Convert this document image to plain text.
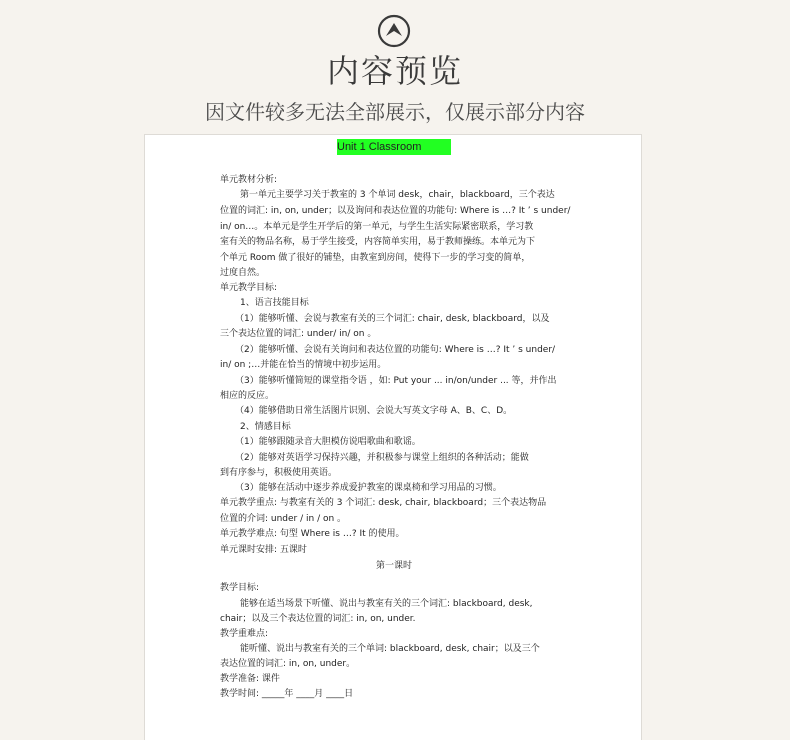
内容预览
因文件较多无法全部展示，仅展示部分内容
Unit 1 Classroom
单元教材分析:
第一单元主要学习关于教室的 3 个单词 desk，chair，blackboard，三个表达
位置的词汇: in, on, under；以及询问和表达位置的功能句: Where is …? It ’ s under/
in/ on…。本单元是学生开学后的第一单元，与学生生活实际紧密联系，学习教
室有关的物品名称，易于学生接受，内容简单实用，易于教师操练。本单元为下
个单元 Room 做了很好的铺垫，由教室到房间，使得下一步的学习变的简单，
过度自然。
单元教学目标:
1、语言技能目标
（1）能够听懂、会说与教室有关的三个词汇: chair, desk, blackboard，以及
三个表达位置的词汇: under/ in/ on 。
（2）能够听懂、会说有关询问和表达位置的功能句: Where is …? It ’ s under/
in/ on ;…并能在恰当的情境中初步运用。
（3）能够听懂简短的课堂指令语 ，如: Put your ... in/on/under ... 等，并作出
相应的反应。
（4）能够借助日常生活图片识别、会说大写英文字母 A、B、C、D。
2、情感目标
（1）能够跟随录音大胆模仿说唱歌曲和歌谣。
（2）能够对英语学习保持兴趣，并积极参与课堂上组织的各种活动；能做
到有序参与，积极使用英语。
（3）能够在活动中逐步养成爱护教室的课桌椅和学习用品的习惯。
单元教学重点: 与教室有关的 3 个词汇: desk, chair, blackboard；三个表达物品
位置的介词: under / in / on 。
单元教学难点: 句型 Where is …? It 的使用。
单元课时安排: 五课时
第一课时
教学目标:
能够在适当场景下听懂、说出与教室有关的三个词汇: blackboard, desk,
chair；以及三个表达位置的词汇: in, on, under.
教学重难点:
能听懂、说出与教室有关的三个单词: blackboard, desk, chair；以及三个
表达位置的词汇: in, on, under。
教学准备: 课件
教学时间: _____年 ____月 ____日
